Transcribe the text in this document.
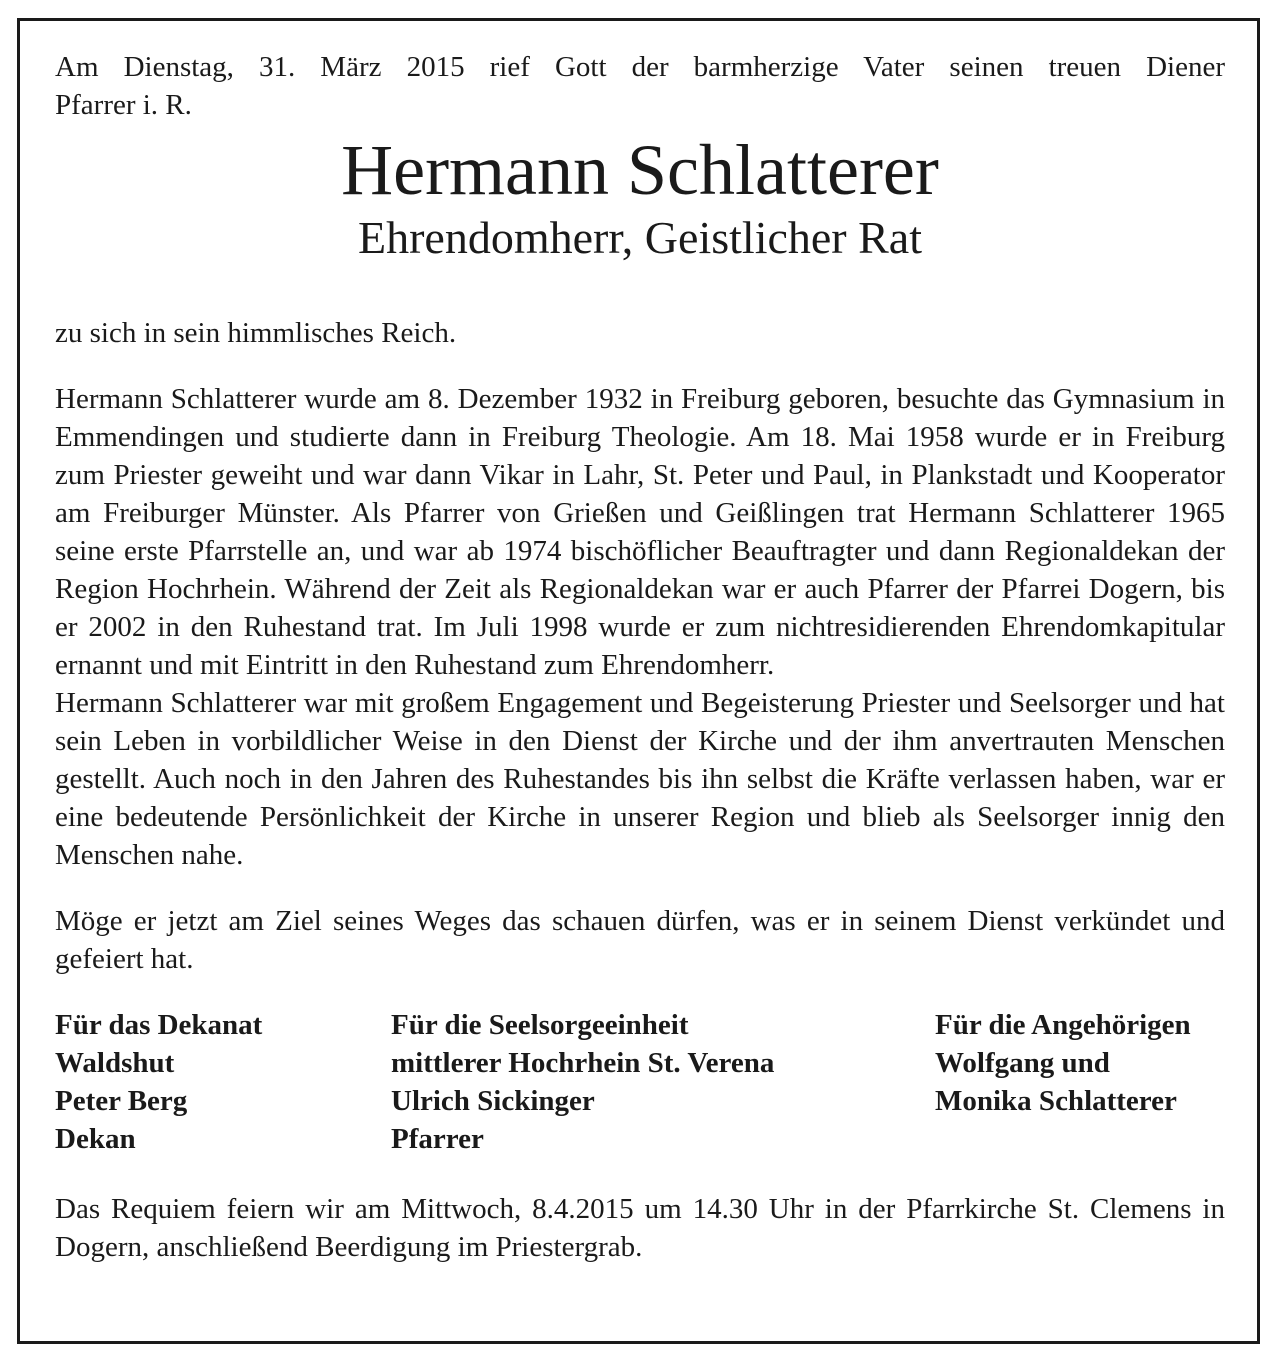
Am Dienstag, 31. März 2015 rief Gott der barmherzige Vater seinen treuen Diener

Pfarrer i. R.

Hermann Schlatterer
Ehrendomherr, Geistlicher Rat

zu sich in sein himmlisches Reich.

Hermann Schlatterer wurde am 8. Dezember 1932 in Freiburg geboren, besuchte das Gymnasium in Emmendingen und studierte dann in Freiburg Theologie. Am 18. Mai 1958 wurde er in Freiburg zum Priester geweiht und war dann Vikar in Lahr, St. Peter und Paul, in Plankstadt und Kooperator am Freiburger Münster. Als Pfarrer von Grießen und Geißlingen trat Hermann Schlatterer 1965 seine erste Pfarrstelle an, und war ab 1974 bischöflicher Beauftragter und dann Regionaldekan der Region Hochrhein. Während der Zeit als Regionaldekan war er auch Pfarrer der Pfarrei Dogern, bis er 2002 in den Ruhestand trat. Im Juli 1998 wurde er zum nichtresidierenden Ehrendomkapitular ernannt und mit Eintritt in den Ruhestand zum Ehrendomherr.

Hermann Schlatterer war mit großem Engagement und Begeisterung Priester und Seelsorger und hat sein Leben in vorbildlicher Weise in den Dienst der Kirche und der ihm anvertrauten Menschen gestellt. Auch noch in den Jahren des Ruhestandes bis ihn selbst die Kräfte verlassen haben, war er eine bedeutende Persönlichkeit der Kirche in unserer Region und blieb als Seelsorger innig den Menschen nahe.

Möge er jetzt am Ziel seines Weges das schauen dürfen, was er in seinem Dienst verkündet und gefeiert hat.

Für das Dekanat
Waldshut
Peter Berg
Dekan
Für die Seelsorgeeinheit
mittlerer Hochrhein St. Verena
Ulrich Sickinger
Pfarrer
Für die Angehörigen
Wolfgang und
Monika Schlatterer

Das Requiem feiern wir am Mittwoch, 8.4.2015 um 14.30 Uhr in der Pfarrkirche St. Clemens in Dogern, anschließend Beerdigung im Priestergrab.
